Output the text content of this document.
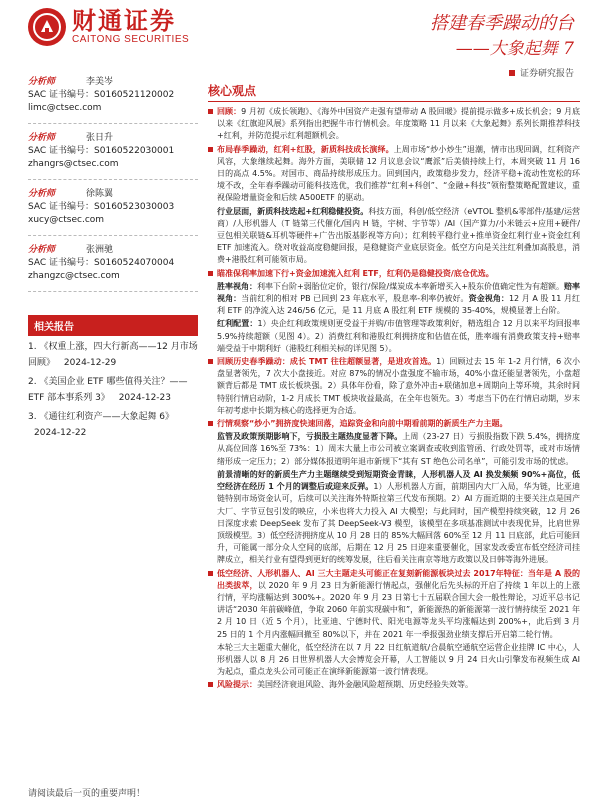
财通证券
CAITONG SECURITIES
搭建春季躁动的台
——大象起舞 7
证券研究报告
分析师	李美岑
SAC 证书编号：S0160521120002
limc@ctsec.com
分析师	张日升
SAC 证书编号：S0160522030001
zhangrs@ctsec.com
分析师	徐陈翼
SAC 证书编号：S0160523030003
xucy@ctsec.com
分析师	张洲驰
SAC 证书编号：S0160524070004
zhangzc@ctsec.com
相关报告
1. 《权重上涨，四大行新高——12 月市场回顾》 2024-12-29
2. 《美国企业 ETF 哪些值得关注？——ETF 部本事系列 3》 2024-12-23
3. 《通往红利资产——大象起舞 6》 2024-12-22
核心观点
回顾：9 月初《成长领跑》、《海外中国资产走强有望带动 A 股回暖》提前提示做多+成长机会；9 月底以来《红旗迎风展》系列指出把握牛市行情机会。年度策略 11 月以来《大象起舞》系列长期推荐科技+红利，并防范提示红利超额机会。
布局春季躁动，红利+红股，新质科技成长演绎。上周市场“炒小炒生”退潮，情市出现回调，红利资产风容，大象继续起舞。海外方面，美联储 12 月议息会议“鹰派”后美债持续上行，本周突破 11 月 16 日的高点 4.5%。对国市、商品持续形成压力。回到国内，政策稳步发力，经济平稳+流动性宽松的环境不改，全年春季躁动可能科技选优，我们推荐“红利+科创”、“金融+科技”领衔整策略配置建议，重视保险增量资金和后续 A500ETF 的驱动。
行业层面，新质科技迭起+红利稳健投资。科技方面，科创/低空经济（eVTOL 整机&零部件/基建/运营商）/人形机器人（T 链第三代催化/国内 H 链，宇树、宇节等）/AI（国产算力/小米链云+应用+硬件/豆包相关联链&耳机等硬件+广告出版基影视等方向）；红利转平稳行业+推单资金红利行业+资金红利 ETF 加速流入。绕对收益高度稳健回报，是稳健资产业底层资金。低空方向是关注红利叠加高股息，消费+港股红利可能领市局。
瞄准保利率加速下行+资金加速流入红利 ETF，红利仍是稳健投资/底仓优选。
胜率视角：利率下台阶+弱胎位定价，银行/保险/煤炭成本率新增买入+股东价值确定性为有超额。赔率视角：当前红利的相对 PB 已回到 23 年底水平，股息率-利率仍被好。资金视角：12 月 A 股 11 月红利 ETF 的净流入达 246/56 亿元，是 11 月底 A 股红利 ETF 规模的 35-40%，规模显著上台阶。
红利配置：1）央企红利政策规则更受益于并购/市值管理等政策利好，精选组合 12 月以来平均回报率 5.9%持续超额（见图 4）。2）消费红利和港股红利拥挤度和估值在低，胜率端有消费政策支持+赔率端受益于中期利好（港股红利相关标的详见图 5）。
回顾历史春季躁动：成长 TMT 往往超额显著，是进攻首选。1）回顾过去 15 年 1-2 月行情，6 次小盘显著领先，7 次大小盘接近。对应 87%的情况小盘强度不输市场，40%小盘还能显著领先，小盘超额背后都是 TMT 成长板块强。2）具体年份看，除了意外冲击+联储加息+周期向上等环境，其余时间特别行情启动阶，1-2 月成长 TMT 板块收益最高，在全年也领先。3）考虑当下仍在行情启动期，岁末年初考虑中长期为核心的选择更为合适。
行情观察“炒小”拥挤度快速回落，追踪资金和向前中期看前期的新质生产力主题。
监管及政策预期影响下，亏损股主题热度显著下降。上周（23-27 日）亏损股指数下跌 5.4%，拥挤度从高位回落 16%至 73%：1）周末大量上市公司被立案调查或收到监管函、行政处罚等，或对市场情绪形成一定压力；2）部分媒体报道明年退市新规下“其有 ST 绝色公司名单”，可能引发市场的忧虑。
前景清晰的好的新质生产力主题继续受到短期资金青睐，人形机器人及 AI 换发频频 90%+高位，低空经济在经历 1 个月的调整后或迎来反弹。1）人形机器人方面，前期国内大厂入局，华为链，比亚迪链特别市场资金认可，后续可以关注海外特斯拉第三代发布预期。2）AI 方面近期的主要关注点是国产大厂、字节豆包引发的映应，小米也将大力投入 AI 大模型；与此同时，国产模型持续突破，12 月 26 日深度求索 DeepSeek 发布了其 DeepSeek-V3 模型，该模型在多项基准测试中表现优异，比肩世界顶级模型。3）低空经济拥挤度从 10 月 28 日的 85%大幅回落 60%至 12 月 11 日底部，此后可能回升，可能属一部分众人空间的底部，后期在 12 月 25 日迎来重要催化，国家发改委宣布低空经济司挂牌成立，相关行业有望得到更好的统筹发展，往后看关注南京等地方政策以及日韩等海外进展。
低空经济、人形机器人、AI 三大主题走头可能正在复刻新能源板块过去 2017年特征：当年是 A 股的出类拔萃，以 2020 年 9 月 23 日为新能源行情起点，强催化后先头标的开启了持续 1 年以上的上涨行情，平均涨幅达到 300%+。2020 年 9 月 23 日第七十五届联合国大会一般性辩论，习近平总书记讲话“2030 年前碳峰值，争取 2060 年前实现碳中和”，新能源热的新能源第一波行情持续至 2021 年 2 月 10 日（近 5 个月），比亚迪、宁德时代、阳光电源等龙头平均涨幅达到 200%+，此后到 3 月 25 日的 1 个月内涨幅回撤至 80%以下，并在 2021 年一季报强劲业绩支撑后开启第二轮行情。
本轮三大主题重大催化，低空经济在以 7 月 22 日红航道航/合晨航空通航空运营企业挂牌 IC 中心，人形机器人以 8 月 26 日世界机器人大会博览会开幕，人工智能以 9 月 24 日火山引擎发布视频生成 AI 为起点，重点龙头公司可能正在演绎新能源第一波行情表现。
风险提示：美国经济衰退风险、海外金融风险超预期、历史经验失效等。
请阅读最后一页的重要声明！
